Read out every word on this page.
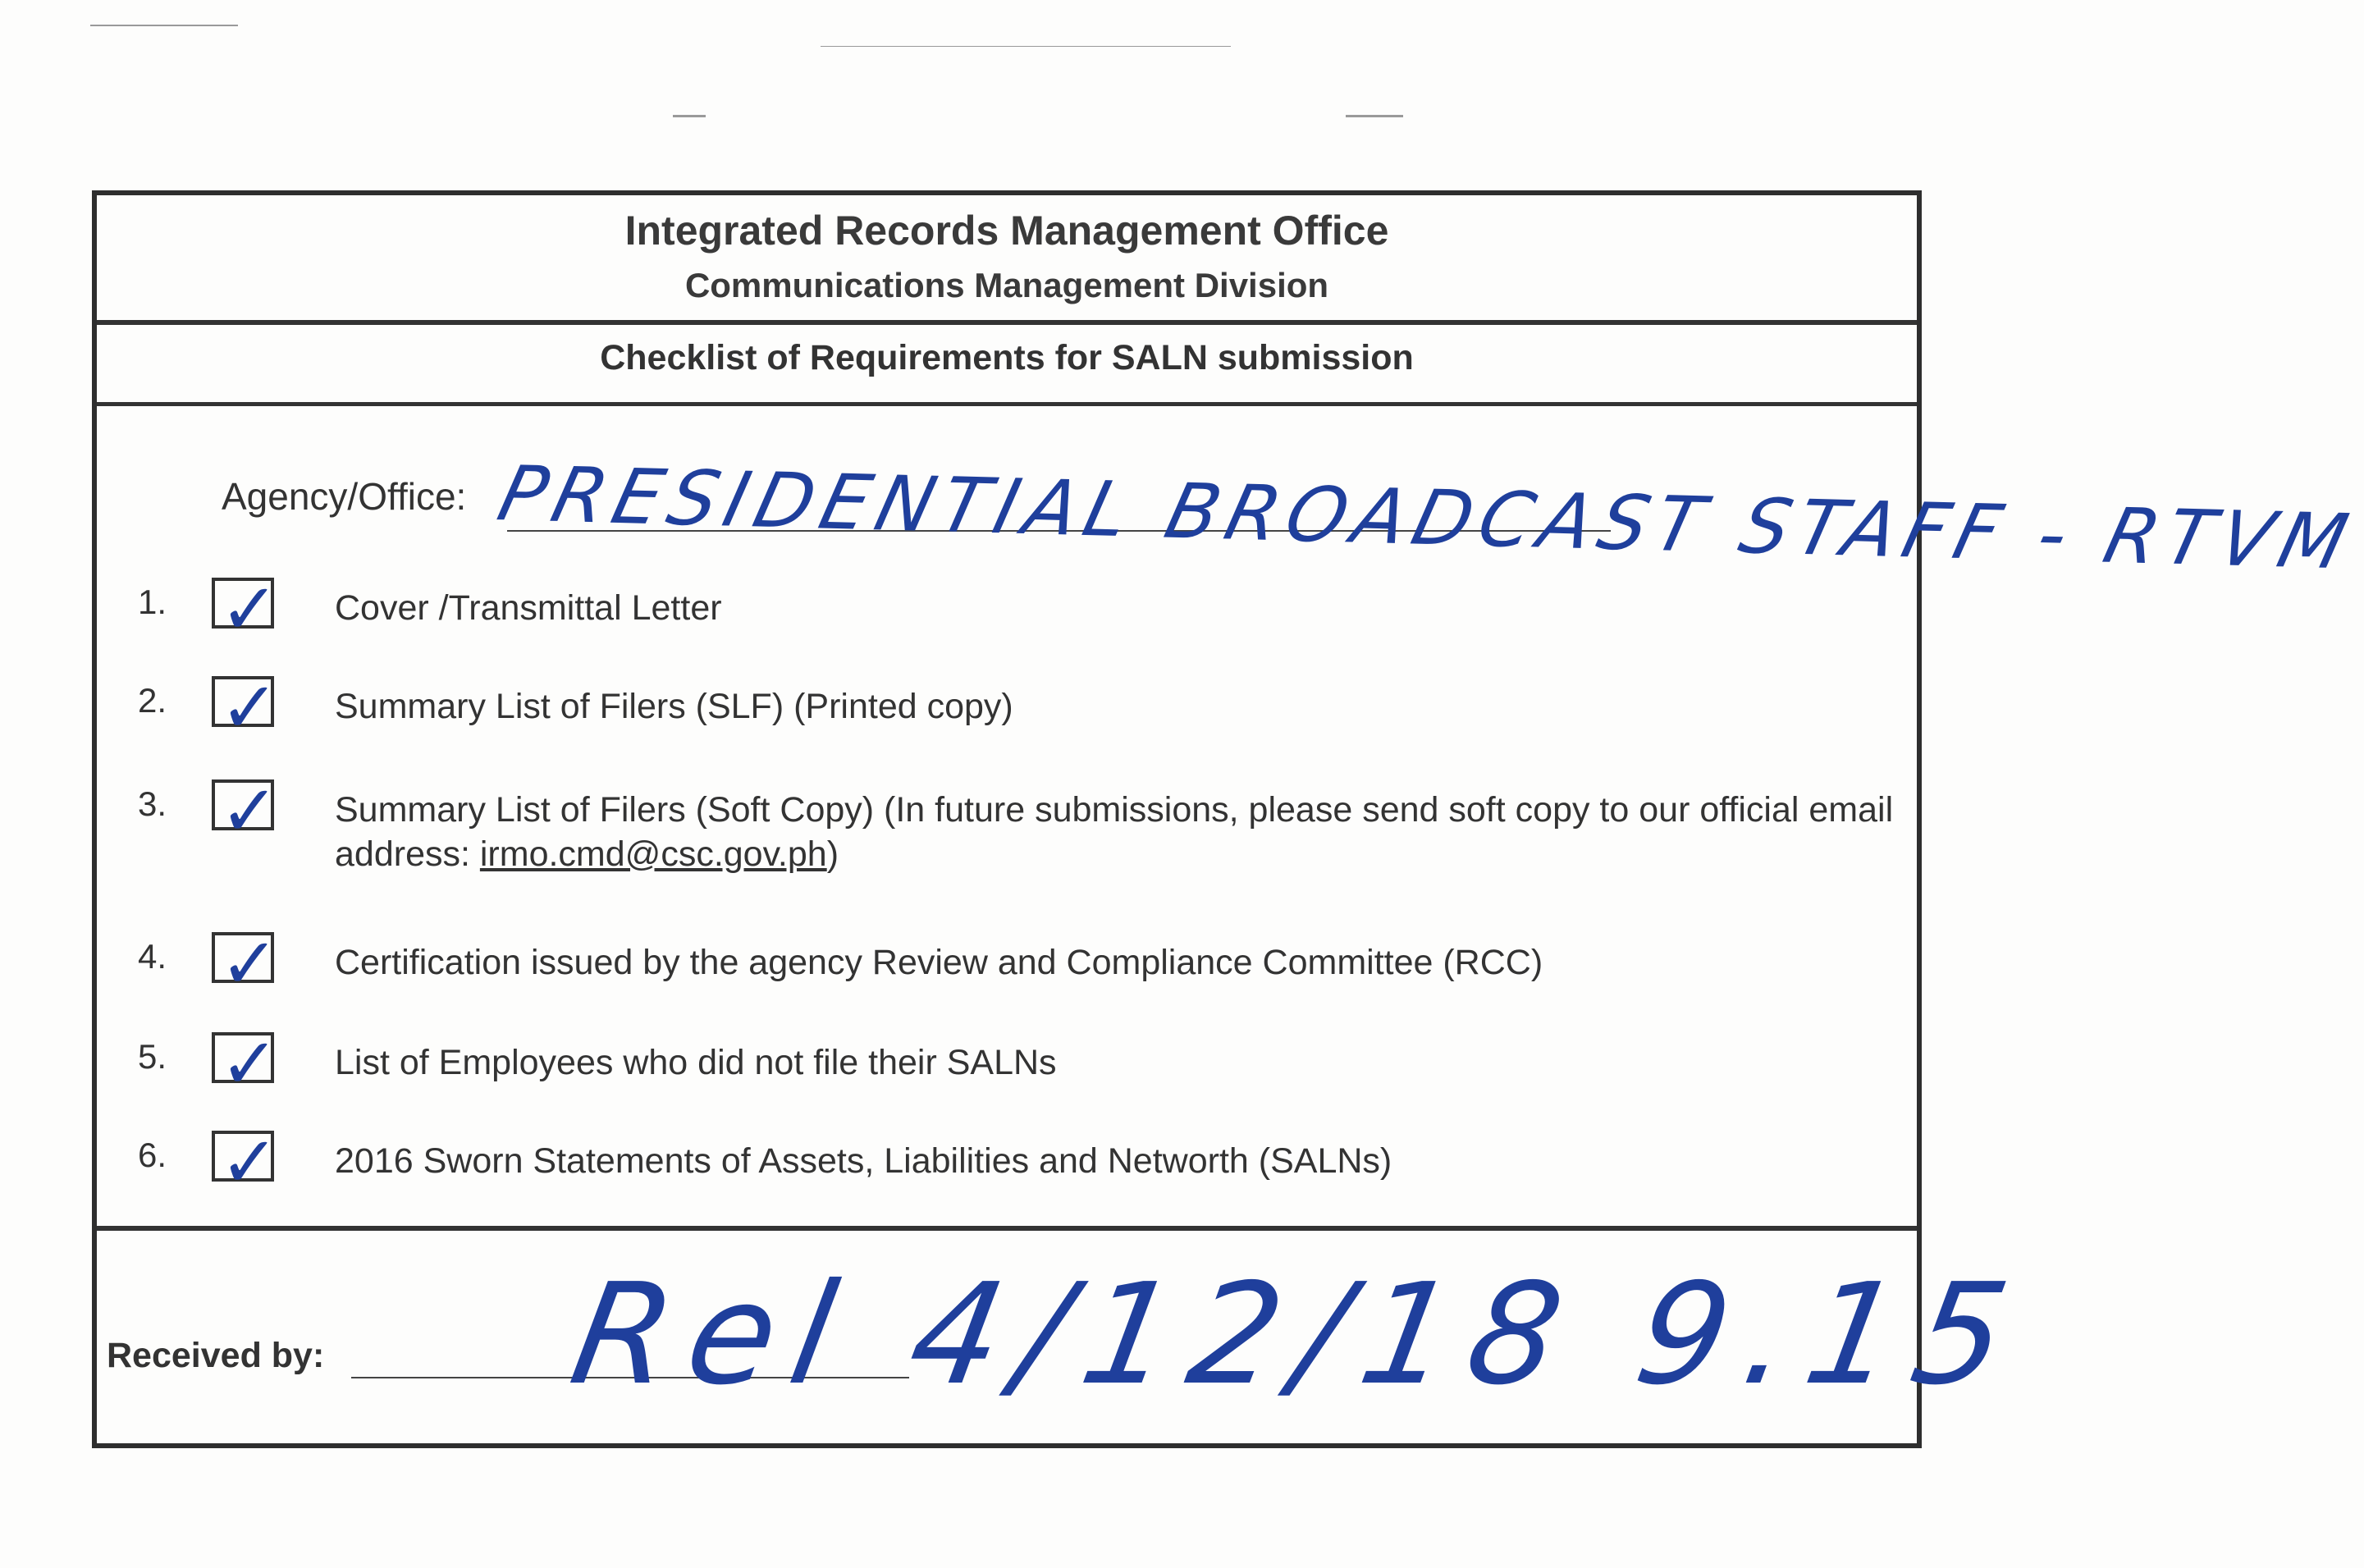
Integrated Records Management Office
Communications Management Division
Checklist of Requirements for SALN submission
Agency/Office: PRESIDENTIAL BROADCAST STAFF - RTVM
1. ✓ Cover /Transmittal Letter
2. ✓ Summary List of Filers (SLF) (Printed copy)
3. ✓ Summary List of Filers (Soft Copy) (In future submissions, please send soft copy to our official email address: irmo.cmd@csc.gov.ph)
4. ✓ Certification issued by the agency Review and Compliance Committee (RCC)
5. ✓ List of Employees who did not file their SALNs
6. ✓ 2016 Sworn Statements of Assets, Liabilities and Networth (SALNs)
Received by: Rel 4/12/18 9.15
